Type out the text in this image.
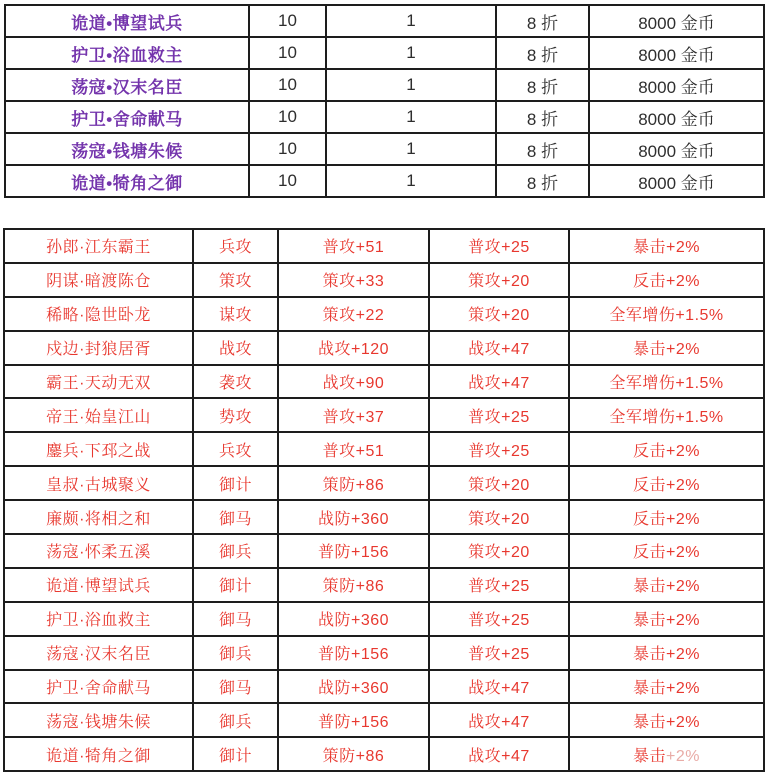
诡道•博望试兵	10	1	8 折	8000 金币
护卫•浴血救主	10	1	8 折	8000 金币
荡寇•汉末名臣	10	1	8 折	8000 金币
护卫•舍命献马	10	1	8 折	8000 金币
荡寇•钱塘朱候	10	1	8 折	8000 金币
诡道•犄角之御	10	1	8 折	8000 金币
孙郎·江东霸王	兵攻	普攻+51	普攻+25	暴击+2%
阴谋·暗渡陈仓	策攻	策攻+33	策攻+20	反击+2%
稀略·隐世卧龙	谋攻	策攻+22	策攻+20	全军增伤+1.5%
戍边·封狼居胥	战攻	战攻+120	战攻+47	暴击+2%
霸王·天动无双	袭攻	战攻+90	战攻+47	全军增伤+1.5%
帝王·始皇江山	势攻	普攻+37	普攻+25	全军增伤+1.5%
鏖兵·下邳之战	兵攻	普攻+51	普攻+25	反击+2%
皇叔·古城聚义	御计	策防+86	策攻+20	反击+2%
廉颇·将相之和	御马	战防+360	策攻+20	反击+2%
荡寇·怀柔五溪	御兵	普防+156	策攻+20	反击+2%
诡道·博望试兵	御计	策防+86	普攻+25	暴击+2%
护卫·浴血救主	御马	战防+360	普攻+25	暴击+2%
荡寇·汉末名臣	御兵	普防+156	普攻+25	暴击+2%
护卫·舍命献马	御马	战防+360	战攻+47	暴击+2%
荡寇·钱塘朱候	御兵	普防+156	战攻+47	暴击+2%
诡道·犄角之御	御计	策防+86	战攻+47	暴击+2%
